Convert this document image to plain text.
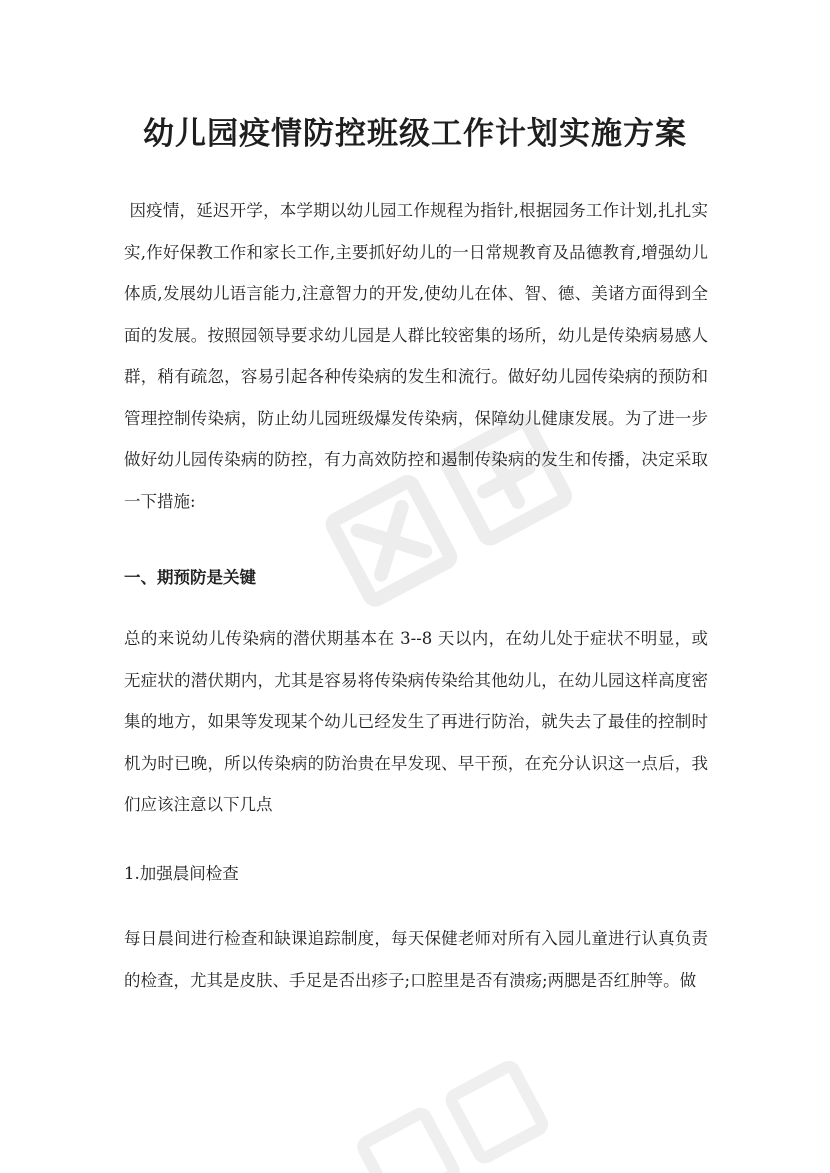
幼儿园疫情防控班级工作计划实施方案

因疫情，延迟开学，本学期以幼儿园工作规程为指针,根据园务工作计划,扎扎实实,作好保教工作和家长工作,主要抓好幼儿的一日常规教育及品德教育,增强幼儿体质,发展幼儿语言能力,注意智力的开发,使幼儿在体、智、德、美诸方面得到全面的发展。按照园领导要求幼儿园是人群比较密集的场所，幼儿是传染病易感人群，稍有疏忽，容易引起各种传染病的发生和流行。做好幼儿园传染病的预防和管理控制传染病，防止幼儿园班级爆发传染病，保障幼儿健康发展。为了进一步做好幼儿园传染病的防控，有力高效防控和遏制传染病的发生和传播，决定采取一下措施:

一、期预防是关键

总的来说幼儿传染病的潜伏期基本在 3--8 天以内，在幼儿处于症状不明显，或无症状的潜伏期内，尤其是容易将传染病传染给其他幼儿，在幼儿园这样高度密集的地方，如果等发现某个幼儿已经发生了再进行防治，就失去了最佳的控制时机为时已晚，所以传染病的防治贵在早发现、早干预，在充分认识这一点后，我们应该注意以下几点

1.加强晨间检查

每日晨间进行检查和缺课追踪制度，每天保健老师对所有入园儿童进行认真负责的检查，尤其是皮肤、手足是否出疹子;口腔里是否有溃疡;两腮是否红肿等。做
